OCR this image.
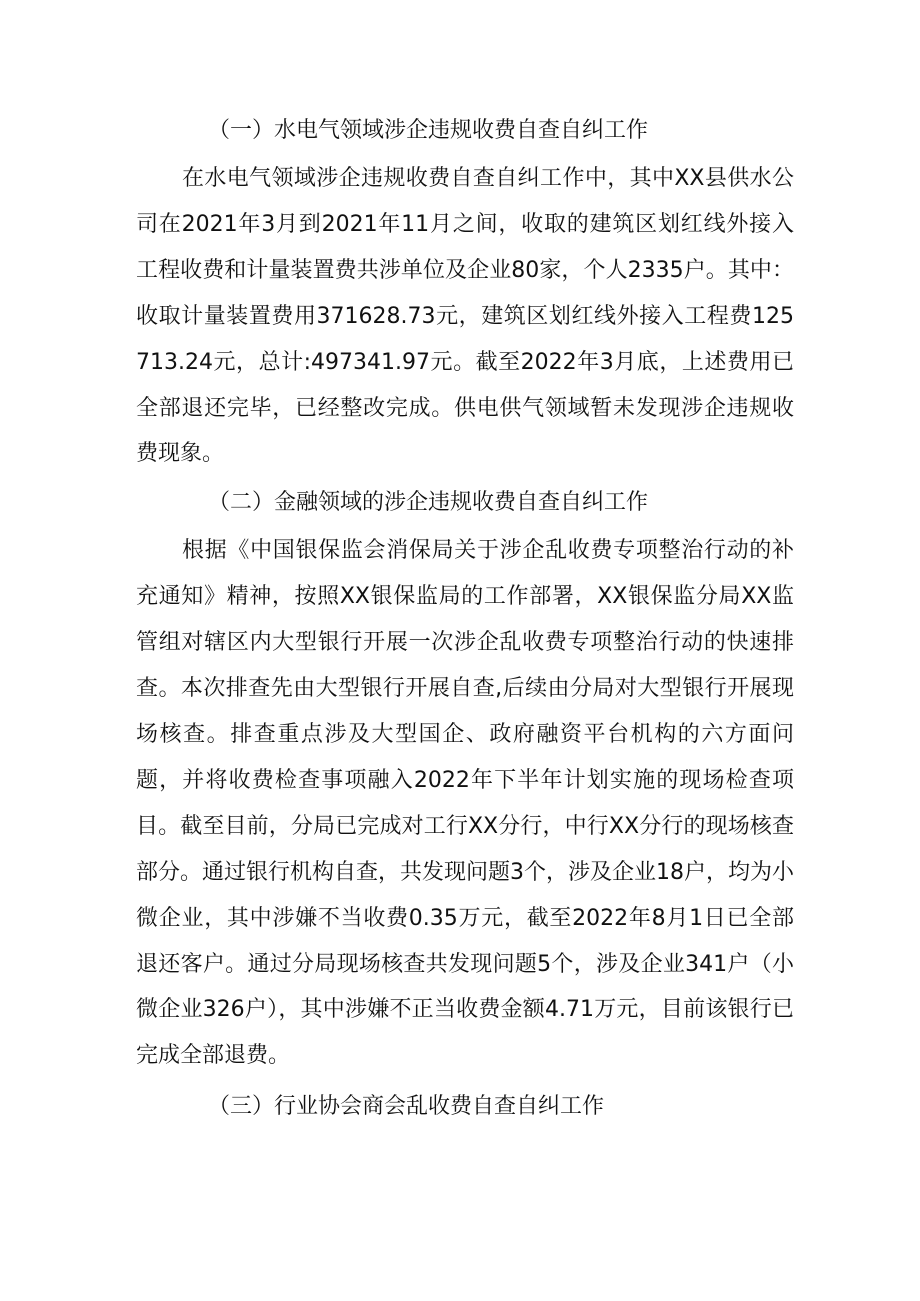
（一）水电气领域涉企违规收费自查自纠工作

在水电气领域涉企违规收费自查自纠工作中，其中XX县供水公司在2021年3月到2021年11月之间，收取的建筑区划红线外接入工程收费和计量装置费共涉单位及企业80家，个人2335户。其中：收取计量装置费用371628.73元，建筑区划红线外接入工程费125713.24元，总计:497341.97元。截至2022年3月底，上述费用已全部退还完毕，已经整改完成。供电供气领域暂未发现涉企违规收费现象。

（二）金融领域的涉企违规收费自查自纠工作

根据《中国银保监会消保局关于涉企乱收费专项整治行动的补充通知》精神，按照XX银保监局的工作部署，XX银保监分局XX监管组对辖区内大型银行开展一次涉企乱收费专项整治行动的快速排查。本次排查先由大型银行开展自查,后续由分局对大型银行开展现场核查。排查重点涉及大型国企、政府融资平台机构的六方面问题，并将收费检查事项融入2022年下半年计划实施的现场检查项目。截至目前，分局已完成对工行XX分行，中行XX分行的现场核查部分。通过银行机构自查，共发现问题3个，涉及企业18户，均为小微企业，其中涉嫌不当收费0.35万元，截至2022年8月1日已全部退还客户。通过分局现场核查共发现问题5个，涉及企业341户（小微企业326户），其中涉嫌不正当收费金额4.71万元，目前该银行已完成全部退费。

（三）行业协会商会乱收费自查自纠工作
